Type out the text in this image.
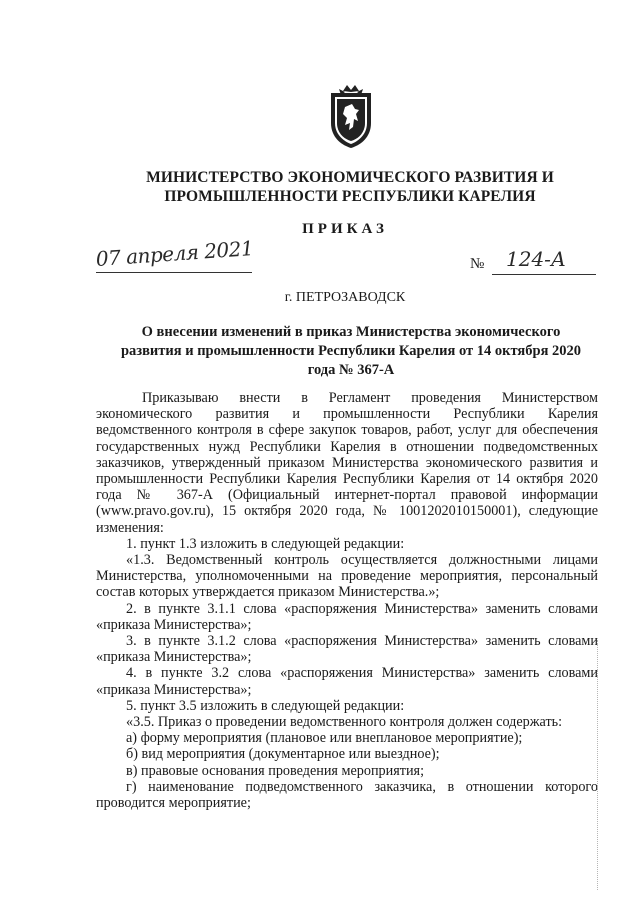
МИНИСТЕРСТВО ЭКОНОМИЧЕСКОГО РАЗВИТИЯ И
ПРОМЫШЛЕННОСТИ РЕСПУБЛИКИ КАРЕЛИЯ
ПРИКАЗ
07 апреля 2021	№ 124-А
г. ПЕТРОЗАВОДСК
О внесении изменений в приказ Министерства экономического
развития и промышленности Республики Карелия от 14 октября 2020
года № 367-А

Приказываю внести в Регламент проведения Министерством экономического развития и промышленности Республики Карелия ведомственного контроля в сфере закупок товаров, работ, услуг для обеспечения государственных нужд Республики Карелия в отношении подведомственных заказчиков, утвержденный приказом Министерства экономического развития и промышленности Республики Карелия Республики Карелия от 14 октября 2020 года № 367-А (Официальный интернет-портал правовой информации (www.pravo.gov.ru), 15 октября 2020 года, № 1001202010150001), следующие изменения:

1. пункт 1.3 изложить в следующей редакции:

«1.3. Ведомственный контроль осуществляется должностными лицами Министерства, уполномоченными на проведение мероприятия, персональный состав которых утверждается приказом Министерства.»;

2. в пункте 3.1.1 слова «распоряжения Министерства» заменить словами «приказа Министерства»;

3. в пункте 3.1.2 слова «распоряжения Министерства» заменить словами «приказа Министерства»;

4. в пункте 3.2 слова «распоряжения Министерства» заменить словами «приказа Министерства»;

5. пункт 3.5 изложить в следующей редакции:

«3.5. Приказ о проведении ведомственного контроля должен содержать:

а) форму мероприятия (плановое или внеплановое мероприятие);

б) вид мероприятия (документарное или выездное);

в) правовые основания проведения мероприятия;

г) наименование подведомственного заказчика, в отношении которого проводится мероприятие;
